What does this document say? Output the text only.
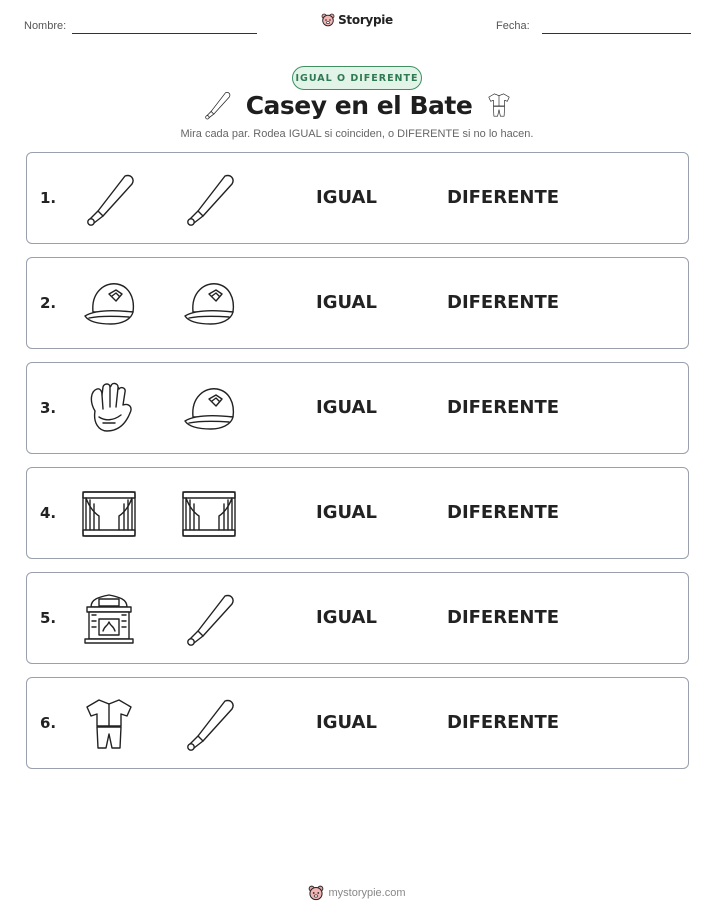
Nombre:	Storypie	Fecha:
IGUAL O DIFERENTE
Casey en el Bate
Mira cada par. Rodea IGUAL si coinciden, o DIFERENTE si no lo hacen.
1.	IGUAL	DIFERENTE
2.	IGUAL	DIFERENTE
3.	IGUAL	DIFERENTE
4.	IGUAL	DIFERENTE
5.	IGUAL	DIFERENTE
6.	IGUAL	DIFERENTE
mystorypie.com
